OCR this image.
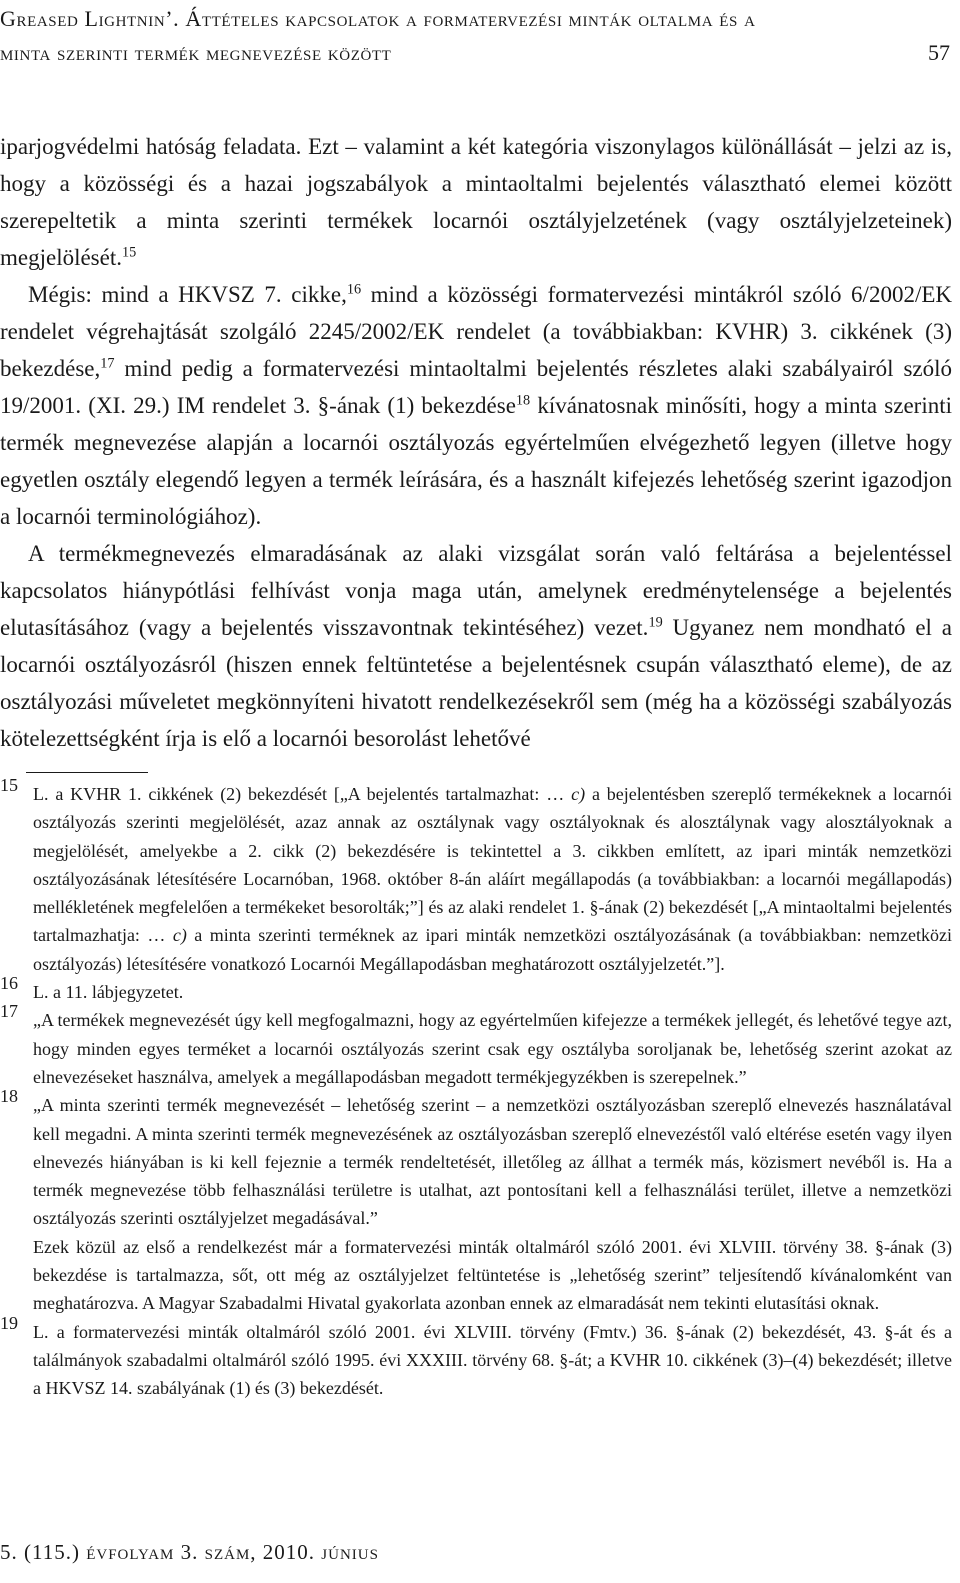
Greased Lightnin’. Áttételes kapcsolatok a formatervezési minták oltalma és a minta szerinti termék megnevezése között	57

iparjogvédelmi hatóság feladata. Ezt – valamint a két kategória viszonylagos különállását – jelzi az is, hogy a közösségi és a hazai jogszabályok a mintaoltalmi bejelentés választható elemei között szerepeltetik a minta szerinti termékek locarnói osztályjelzetének (vagy osztályjelzeteinek) megjelölését.$^{15}$

Mégis: mind a HKVSZ 7. cikke,$^{16}$ mind a közösségi formatervezési mintákról szóló 6/2002/EK rendelet végrehajtását szolgáló 2245/2002/EK rendelet (a továbbiakban: KVHR) 3. cikkének (3) bekezdése,$^{17}$ mind pedig a formatervezési mintaoltalmi bejelentés részletes alaki szabályairól szóló 19/2001. (XI. 29.) IM rendelet 3. §-ának (1) bekezdése$^{18}$ kívánatosnak minősíti, hogy a minta szerinti termék megnevezése alapján a locarnói osztályozás egyértelműen elvégezhető legyen (illetve hogy egyetlen osztály elegendő legyen a termék leírására, és a használt kifejezés lehetőség szerint igazodjon a locarnói terminológiához).

A termékmegnevezés elmaradásának az alaki vizsgálat során való feltárása a bejelentéssel kapcsolatos hiánypótlási felhívást vonja maga után, amelynek eredménytelensége a bejelentés elutasításához (vagy a bejelentés visszavontnak tekintéséhez) vezet.$^{19}$ Ugyanez nem mondható el a locarnói osztályozásról (hiszen ennek feltüntetése a bejelentésnek csupán választható eleme), de az osztályozási műveletet megkönnyíteni hivatott rendelkezésekről sem (még ha a közösségi szabályozás kötelezettségként írja is elő a locarnói besorolást lehetővé

15 L. a KVHR 1. cikkének (2) bekezdését [„A bejelentés tartalmazhat: … c) a bejelentésben szereplő termékeknek a locarnói osztályozás szerinti megjelölését, azaz annak az osztálynak vagy osztályoknak és alosztálynak vagy alosztályoknak a megjelölését, amelyekbe a 2. cikk (2) bekezdésére is tekintettel a 3. cikkben említett, az ipari minták nemzetközi osztályozásának létesítésére Locarnóban, 1968. október 8-án aláírt megállapodás (a továbbiakban: a locarnói megállapodás) mellékletének megfelelően a termékeket besorolták;”] és az alaki rendelet 1. §-ának (2) bekezdését [„A mintaoltalmi bejelentés tartalmazhatja: … c) a minta szerinti terméknek az ipari minták nemzetközi osztályozásának (a továbbiakban: nemzetközi osztályozás) létesítésére vonatkozó Locarnói Megállapodásban meghatározott osztályjelzetét.”].

16 L. a 11. lábjegyzetet.

17 „A termékek megnevezését úgy kell megfogalmazni, hogy az egyértelműen kifejezze a termékek jellegét, és lehetővé tegye azt, hogy minden egyes terméket a locarnói osztályozás szerint csak egy osztályba soroljanak be, lehetőség szerint azokat az elnevezéseket használva, amelyek a megállapodásban megadott termékjegyzékben is szerepelnek.”

18 „A minta szerinti termék megnevezését – lehetőség szerint – a nemzetközi osztályozásban szereplő elnevezés használatával kell megadni. A minta szerinti termék megnevezésének az osztályozásban szereplő elnevezéstől való eltérése esetén vagy ilyen elnevezés hiányában is ki kell fejeznie a termék rendeltetését, illetőleg az állhat a termék más, közismert nevéből is. Ha a termék megnevezése több felhasználási területre is utalhat, azt pontosítani kell a felhasználási terület, illetve a nemzetközi osztályozás szerinti osztályjelzet megadásával.”

Ezek közül az első a rendelkezést már a formatervezési minták oltalmáról szóló 2001. évi XLVIII. törvény 38. §-ának (3) bekezdése is tartalmazza, sőt, ott még az osztályjelzet feltüntetése is „lehetőség szerint” teljesítendő kívánalomként van meghatározva. A Magyar Szabadalmi Hivatal gyakorlata azonban ennek az elmaradását nem tekinti elutasítási oknak.

19 L. a formatervezési minták oltalmáról szóló 2001. évi XLVIII. törvény (Fmtv.) 36. §-ának (2) bekezdését, 43. §-át és a találmányok szabadalmi oltalmáról szóló 1995. évi XXXIII. törvény 68. §-át; a KVHR 10. cikkének (3)–(4) bekezdését; illetve a HKVSZ 14. szabályának (1) és (3) bekezdését.

5. (115.) évfolyam 3. szám, 2010. június
